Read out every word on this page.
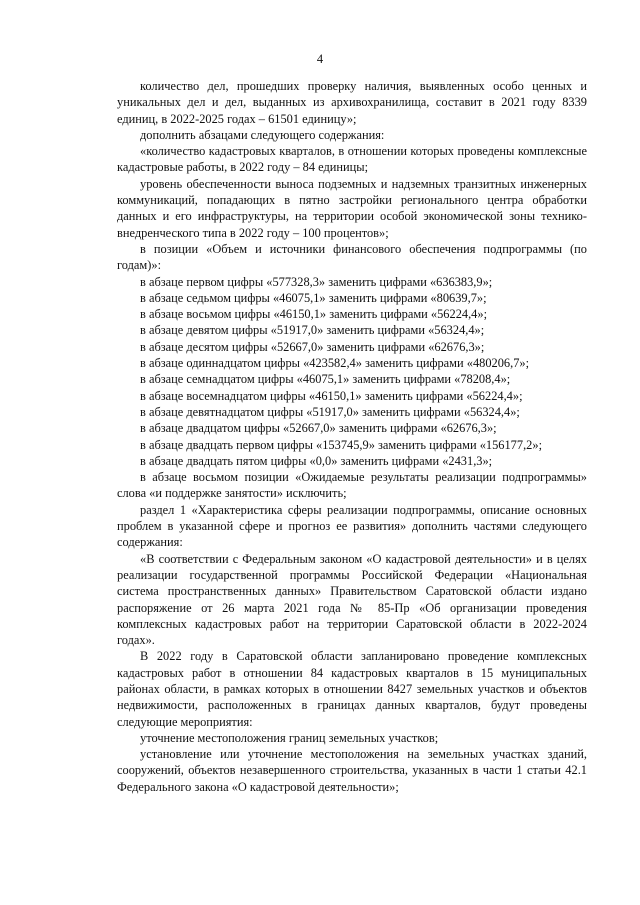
4

количество дел, прошедших проверку наличия, выявленных особо ценных и уникальных дел и дел, выданных из архивохранилища, составит в 2021 году 8339 единиц, в 2022-2025 годах – 61501 единицу»;

дополнить абзацами следующего содержания:

«количество кадастровых кварталов, в отношении которых проведены комплексные кадастровые работы, в 2022 году – 84 единицы;

уровень обеспеченности выноса подземных и надземных транзитных инженерных коммуникаций, попадающих в пятно застройки регионального центра обработки данных и его инфраструктуры, на территории особой экономической зоны технико-внедренческого типа в 2022 году – 100 процентов»;

в позиции «Объем и источники финансового обеспечения подпрограммы (по годам)»:

в абзаце первом цифры «577328,3» заменить цифрами «636383,9»;

в абзаце седьмом цифры «46075,1» заменить цифрами «80639,7»;

в абзаце восьмом цифры «46150,1» заменить цифрами «56224,4»;

в абзаце девятом цифры «51917,0» заменить цифрами «56324,4»;

в абзаце десятом цифры «52667,0» заменить цифрами «62676,3»;

в абзаце одиннадцатом цифры «423582,4» заменить цифрами «480206,7»;

в абзаце семнадцатом цифры «46075,1» заменить цифрами «78208,4»;

в абзаце восемнадцатом цифры «46150,1» заменить цифрами «56224,4»;

в абзаце девятнадцатом цифры «51917,0» заменить цифрами «56324,4»;

в абзаце двадцатом цифры «52667,0» заменить цифрами «62676,3»;

в абзаце двадцать первом цифры «153745,9» заменить цифрами «156177,2»;

в абзаце двадцать пятом цифры «0,0» заменить цифрами «2431,3»;

в абзаце восьмом позиции «Ожидаемые результаты реализации подпрограммы» слова «и поддержке занятости» исключить;

раздел 1 «Характеристика сферы реализации подпрограммы, описание основных проблем в указанной сфере и прогноз ее развития» дополнить частями следующего содержания:

«В соответствии с Федеральным законом «О кадастровой деятельности» и в целях реализации государственной программы Российской Федерации «Национальная система пространственных данных» Правительством Саратовской области издано распоряжение от 26 марта 2021 года № 85-Пр «Об организации проведения комплексных кадастровых работ на территории Саратовской области в 2022-2024 годах».

В 2022 году в Саратовской области запланировано проведение комплексных кадастровых работ в отношении 84 кадастровых кварталов в 15 муниципальных районах области, в рамках которых в отношении 8427 земельных участков и объектов недвижимости, расположенных в границах данных кварталов, будут проведены следующие мероприятия:

уточнение местоположения границ земельных участков;

установление или уточнение местоположения на земельных участках зданий, сооружений, объектов незавершенного строительства, указанных в части 1 статьи 42.1 Федерального закона «О кадастровой деятельности»;
